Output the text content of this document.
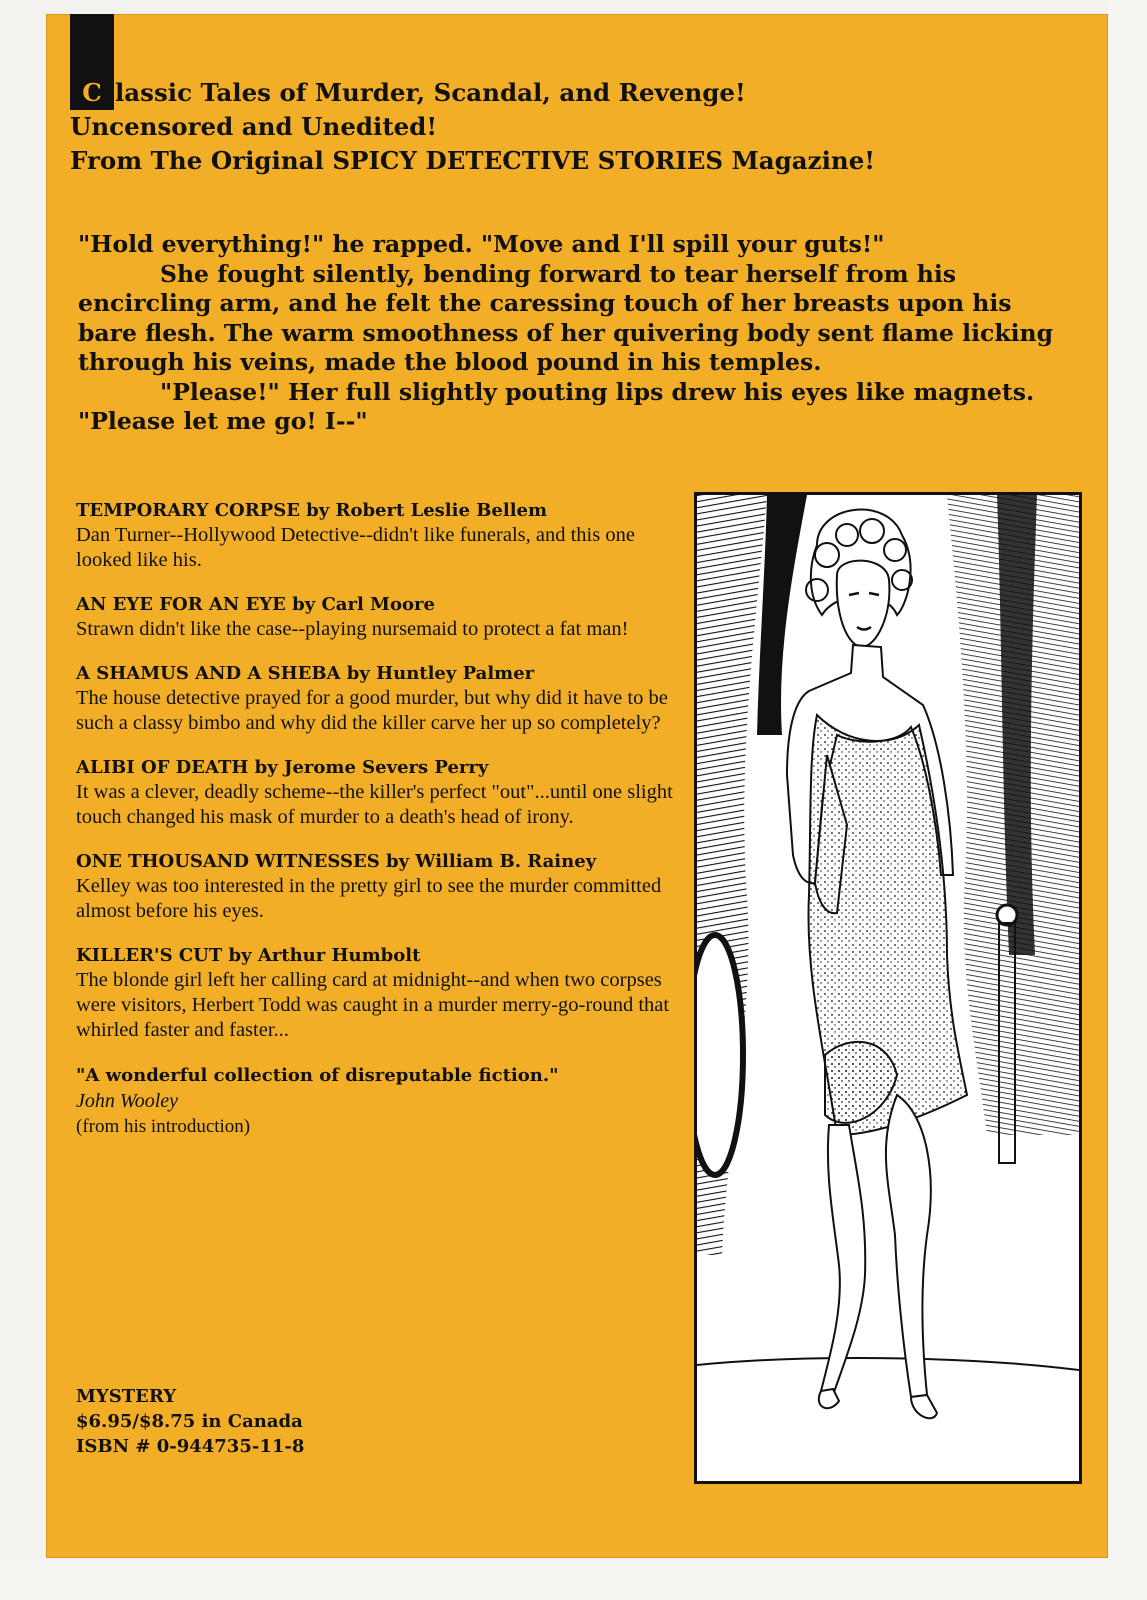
C lassic Tales of Murder, Scandal, and Revenge!
Uncensored and Unedited!
From The Original SPICY DETECTIVE STORIES Magazine!

"Hold everything!" he rapped. "Move and I'll spill your guts!"

She fought silently, bending forward to tear herself from his encircling arm, and he felt the caressing touch of her breasts upon his bare flesh. The warm smoothness of her quivering body sent flame licking through his veins, made the blood pound in his temples.

"Please!" Her full slightly pouting lips drew his eyes like magnets. "Please let me go! I--"

TEMPORARY CORPSE by Robert Leslie Bellem
Dan Turner--Hollywood Detective--didn't like funerals, and this one looked like his.
AN EYE FOR AN EYE by Carl Moore
Strawn didn't like the case--playing nursemaid to protect a fat man!
A SHAMUS AND A SHEBA by Huntley Palmer
The house detective prayed for a good murder, but why did it have to be such a classy bimbo and why did the killer carve her up so completely?
ALIBI OF DEATH by Jerome Severs Perry
It was a clever, deadly scheme--the killer's perfect "out"...until one slight touch changed his mask of murder to a death's head of irony.
ONE THOUSAND WITNESSES by William B. Rainey
Kelley was too interested in the pretty girl to see the murder committed almost before his eyes.
KILLER'S CUT by Arthur Humbolt
The blonde girl left her calling card at midnight--and when two corpses were visitors, Herbert Todd was caught in a murder merry-go-round that whirled faster and faster...
"A wonderful collection of disreputable fiction."
John Wooley
(from his introduction)
MYSTERY
$6.95/$8.75 in Canada
ISBN # 0-944735-11-8
